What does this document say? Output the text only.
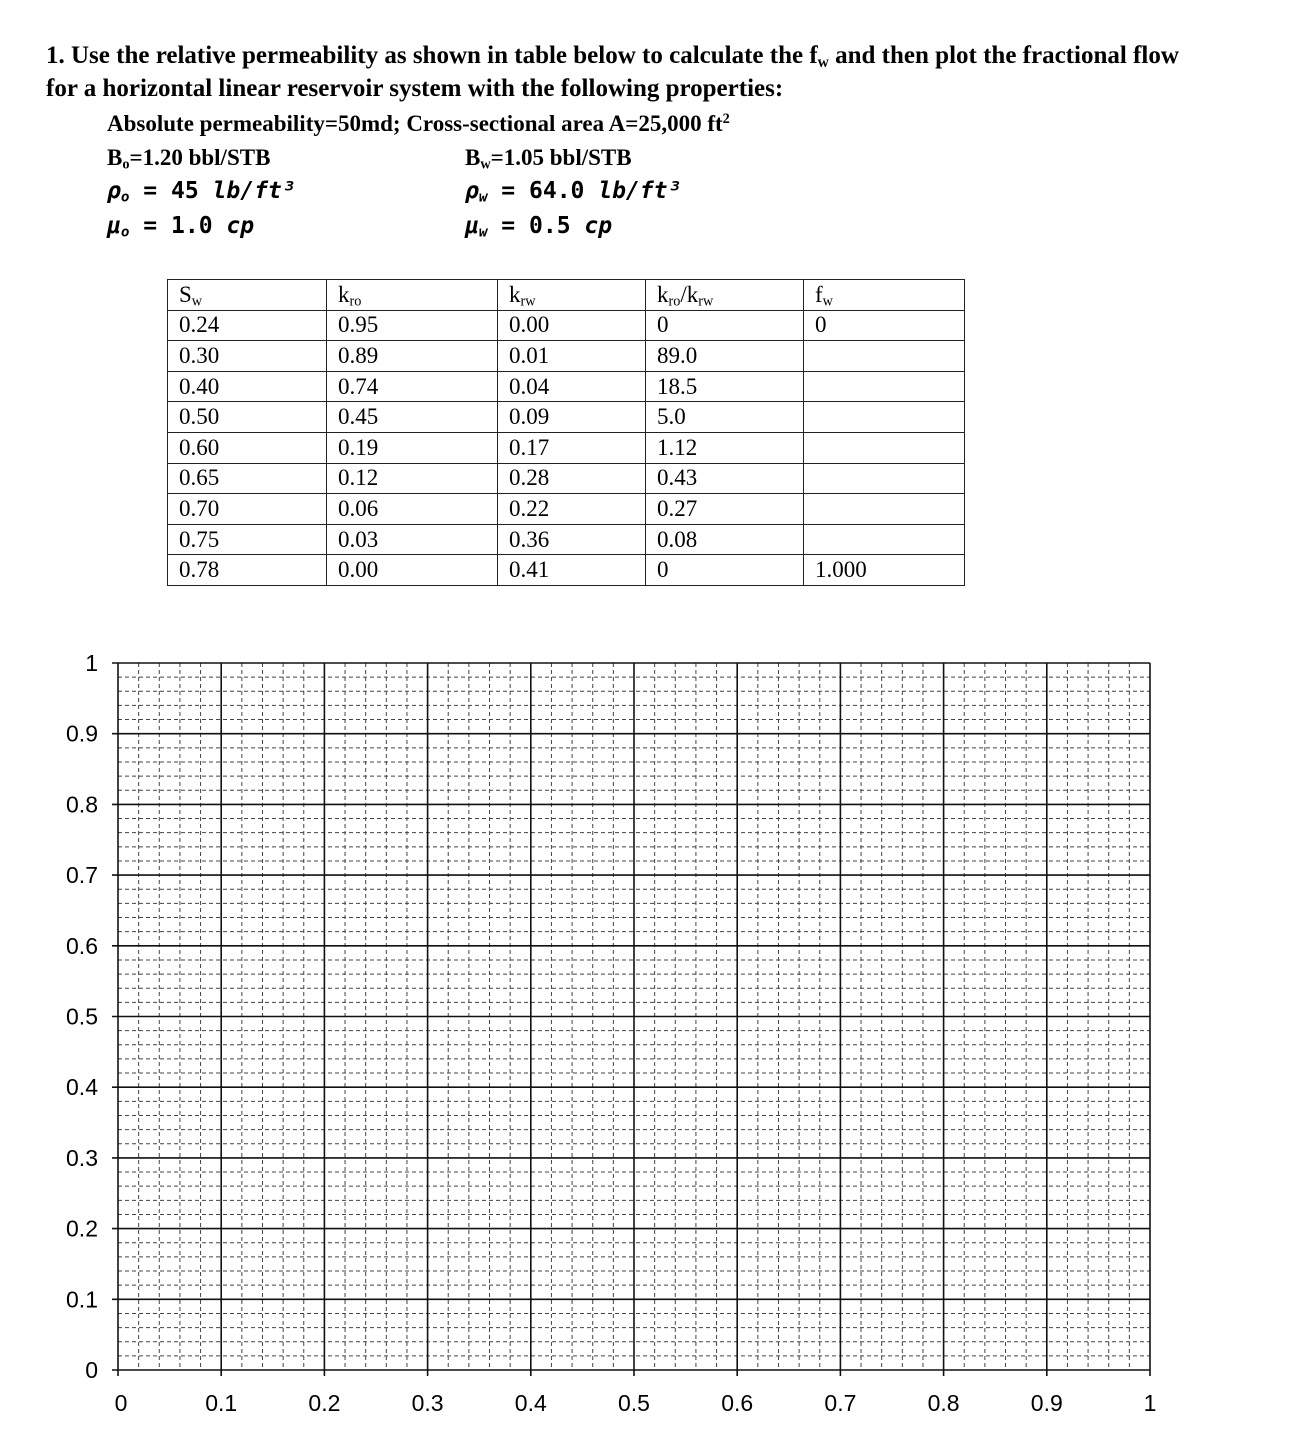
1. Use the relative permeability as shown in table below to calculate the $f_w$ and then plot the fractional flow
for a horizontal linear reservoir system with the following properties:
Absolute permeability=50md; Cross-sectional area A=25,000 $ft^2$
$B_o=1.20$ bbl/STB	$B_w=1.05$ bbl/STB
$\rho_o = 45$ lb/ft³	$\rho_w = 64.0$ lb/ft³
$\mu_o = 1.0$ cp	$\mu_w = 0.5$ cp
$S_w$	$k_{ro}$	$k_{rw}$	$k_{ro}/k_{rw}$	$f_w$
0.24	0.95	0.00	0	0
0.30	0.89	0.01	89.0	
0.40	0.74	0.04	18.5	
0.50	0.45	0.09	5.0	
0.60	0.19	0.17	1.12	
0.65	0.12	0.28	0.43	
0.70	0.06	0.22	0.27	
0.75	0.03	0.36	0.08	
0.78	0.00	0.41	0	1.000
0
0.1
0.2
0.3
0.4
0.5
0.6
0.7
0.8
0.9
1
0	0.1	0.2	0.3	0.4	0.5	0.6	0.7	0.8	0.9	1
